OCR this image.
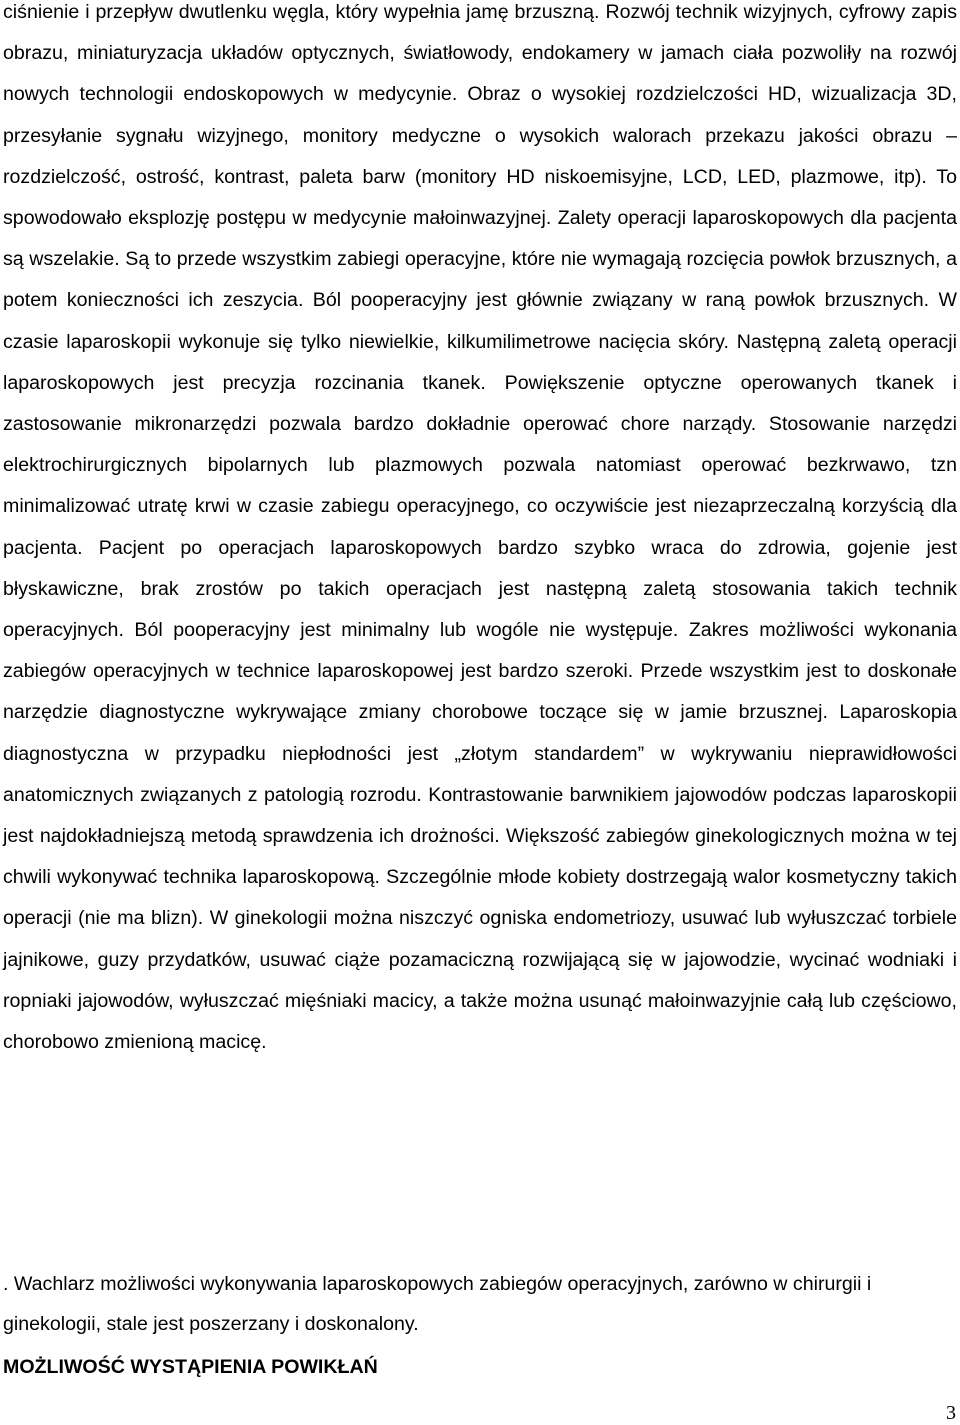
ciśnienie i przepływ dwutlenku węgla, który wypełnia jamę brzuszną. Rozwój technik wizyjnych, cyfrowy zapis obrazu, miniaturyzacja układów optycznych, światłowody, endokamery w jamach ciała pozwoliły na rozwój nowych technologii endoskopowych w medycynie. Obraz o wysokiej rozdzielczości HD, wizualizacja 3D, przesyłanie sygnału wizyjnego, monitory medyczne o wysokich walorach przekazu jakości obrazu – rozdzielczość, ostrość, kontrast, paleta barw (monitory HD niskoemisyjne, LCD, LED, plazmowe, itp). To spowodowało eksplozję postępu w medycynie małoinwazyjnej. Zalety operacji laparoskopowych dla pacjenta są wszelakie. Są to przede wszystkim zabiegi operacyjne, które nie wymagają rozcięcia powłok brzusznych, a potem konieczności ich zeszycia. Ból pooperacyjny jest głównie związany w raną powłok brzusznych. W czasie laparoskopii wykonuje się tylko niewielkie, kilkumilimetrowe nacięcia skóry. Następną zaletą operacji laparoskopowych jest precyzja rozcinania tkanek. Powiększenie optyczne operowanych tkanek i zastosowanie mikronarzędzi pozwala bardzo dokładnie operować chore narządy. Stosowanie narzędzi elektrochirurgicznych bipolarnych lub plazmowych pozwala natomiast operować bezkrwawo, tzn minimalizować utratę krwi w czasie zabiegu operacyjnego, co oczywiście jest niezaprzeczalną korzyścią dla pacjenta. Pacjent po operacjach laparoskopowych bardzo szybko wraca do zdrowia, gojenie jest błyskawiczne, brak zrostów po takich operacjach jest następną zaletą stosowania takich technik operacyjnych. Ból pooperacyjny jest minimalny lub wogóle nie występuje. Zakres możliwości wykonania zabiegów operacyjnych w technice laparoskopowej jest bardzo szeroki. Przede wszystkim jest to doskonałe narzędzie diagnostyczne wykrywające zmiany chorobowe toczące się w jamie brzusznej. Laparoskopia diagnostyczna w przypadku niepłodności jest „złotym standardem” w wykrywaniu nieprawidłowości anatomicznych związanych z patologią rozrodu. Kontrastowanie barwnikiem jajowodów podczas laparoskopii jest najdokładniejszą metodą sprawdzenia ich drożności. Większość zabiegów ginekologicznych można w tej chwili wykonywać technika laparoskopową. Szczególnie młode kobiety dostrzegają walor kosmetyczny takich operacji (nie ma blizn). W ginekologii można niszczyć ogniska endometriozy, usuwać lub wyłuszczać torbiele jajnikowe, guzy przydatków, usuwać ciąże pozamaciczną rozwijającą się w jajowodzie, wycinać wodniaki i ropniaki jajowodów, wyłuszczać mięśniaki macicy, a także można usunąć małoinwazyjnie całą lub częściowo, chorobowo zmienioną macicę.

. Wachlarz możliwości wykonywania laparoskopowych zabiegów operacyjnych, zarówno w chirurgii i ginekologii, stale jest poszerzany i doskonalony.

MOŻLIWOŚĆ WYSTĄPIENIA POWIKŁAŃ
3
